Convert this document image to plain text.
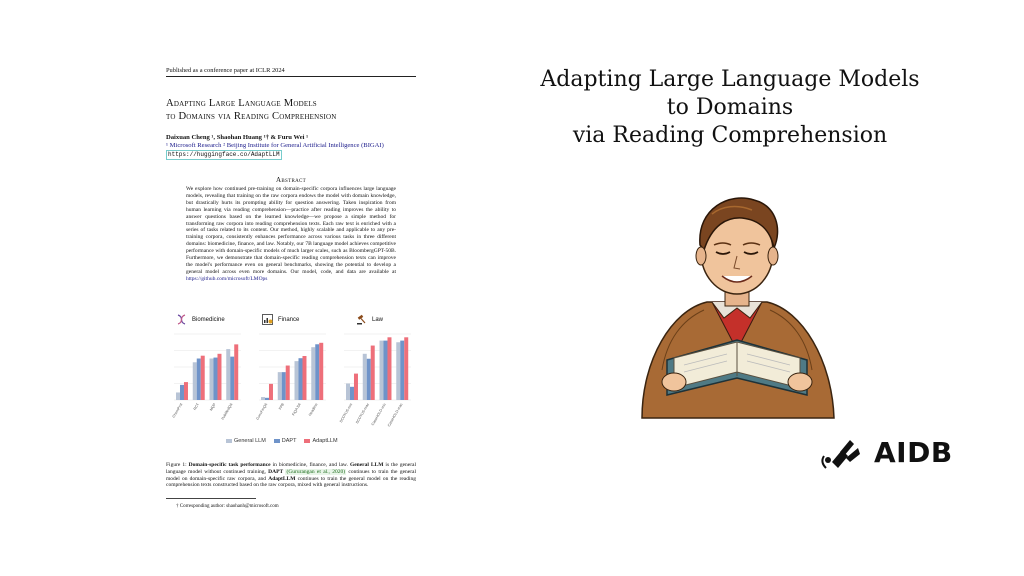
Published as a conference paper at ICLR 2024
Adapting Large Language Models
to Domains via Reading Comprehension
Daixuan Cheng ¹, Shaohan Huang ¹† & Furu Wei ¹
¹ Microsoft Research ² Beijing Institute for General Artificial Intelligence (BIGAI)
https://huggingface.co/AdaptLLM
Abstract
We explore how continued pre-training on domain-specific corpora influences large language models, revealing that training on the raw corpora endows the model with domain knowledge, but drastically hurts its prompting ability for question answering. Taken inspiration from human learning via reading comprehension—practice after reading improves the ability to answer questions based on the learned knowledge—we propose a simple method for transforming raw corpora into reading comprehension texts. Each raw text is enriched with a series of tasks related to its content. Our method, highly scalable and applicable to any pre-training corpora, consistently enhances performance across various tasks in three different domains: biomedicine, finance, and law. Notably, our 7B language model achieves competitive performance with domain-specific models of much larger scales, such as BloombergGPT-50B. Furthermore, we demonstrate that domain-specific reading comprehension texts can improve the model's performance even on general benchmarks, showing the potential to develop a general model across even more domains. Our model, code, and data are available at https://github.com/microsoft/LMOps
Biomedicine	Finance	Law
ChemProt	RCT	MQP PubMedQA	ConvFinQA	FPB FiQA SA Headline	SCOTUS-mic SCOTUS-mac CaseHOLD-mic CaseHOLD-mac
General LLM	DAPT	AdaptLLM
Figure 1: Domain-specific task performance in biomedicine, finance, and law. General LLM is the general language model without continued training, DAPT (Gururangan et al., 2020) continues to train the general model on domain-specific raw corpora, and AdaptLLM continues to train the general model on the reading comprehension texts constructed based on the raw corpora, mixed with general instructions.
† Corresponding author: shaohanh@microsoft.com
Adapting Large Language Models
to Domains
via Reading Comprehension
AIDB
